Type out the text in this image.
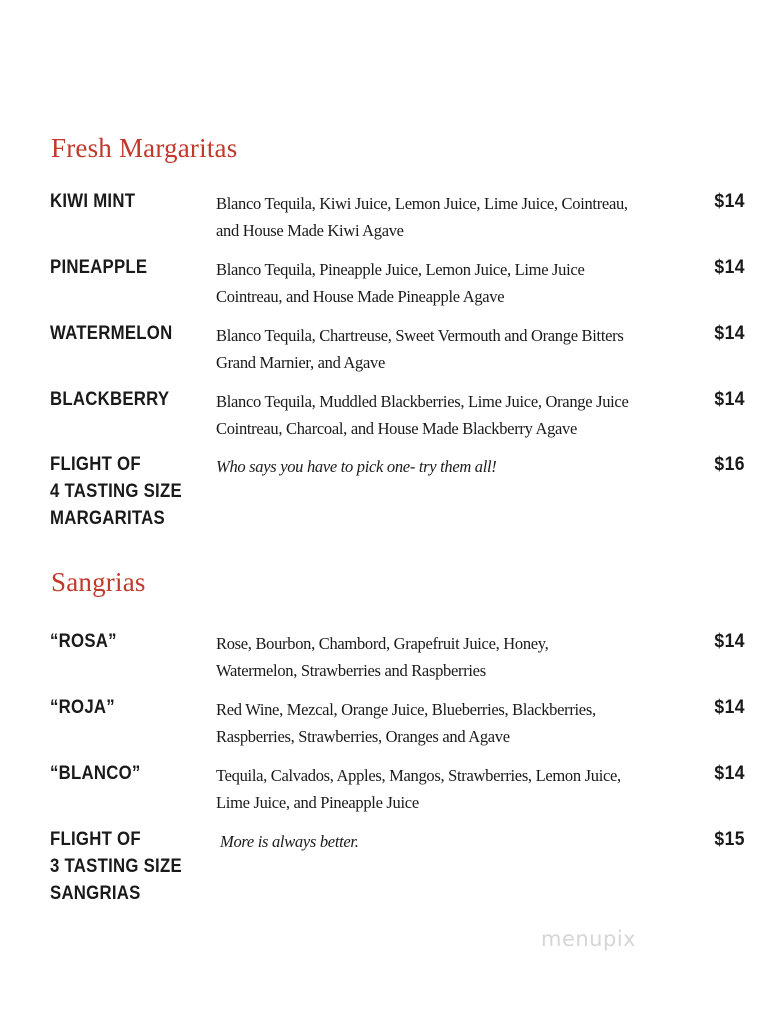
Fresh Margaritas
KIWI MINT	Blanco Tequila, Kiwi Juice, Lemon Juice, Lime Juice, Cointreau,
and House Made Kiwi Agave
$14
PINEAPPLE	Blanco Tequila, Pineapple Juice, Lemon Juice, Lime Juice
Cointreau, and House Made Pineapple Agave
$14
WATERMELON	Blanco Tequila, Chartreuse, Sweet Vermouth and Orange Bitters
Grand Marnier, and Agave
$14
BLACKBERRY	Blanco Tequila, Muddled Blackberries, Lime Juice, Orange Juice
Cointreau, Charcoal, and House Made Blackberry Agave
$14
FLIGHT OF
4 TASTING SIZE
MARGARITAS
Who says you have to pick one- try them all!	$16
Sangrias
“ROSA”	Rose, Bourbon, Chambord, Grapefruit Juice, Honey,
Watermelon, Strawberries and Raspberries
$14
“ROJA”	Red Wine, Mezcal, Orange Juice, Blueberries, Blackberries,
Raspberries, Strawberries, Oranges and Agave
$14
“BLANCO”	Tequila, Calvados, Apples, Mangos, Strawberries, Lemon Juice,
Lime Juice, and Pineapple Juice
$14
FLIGHT OF
3 TASTING SIZE
SANGRIAS
More is always better.	$15
menupix
